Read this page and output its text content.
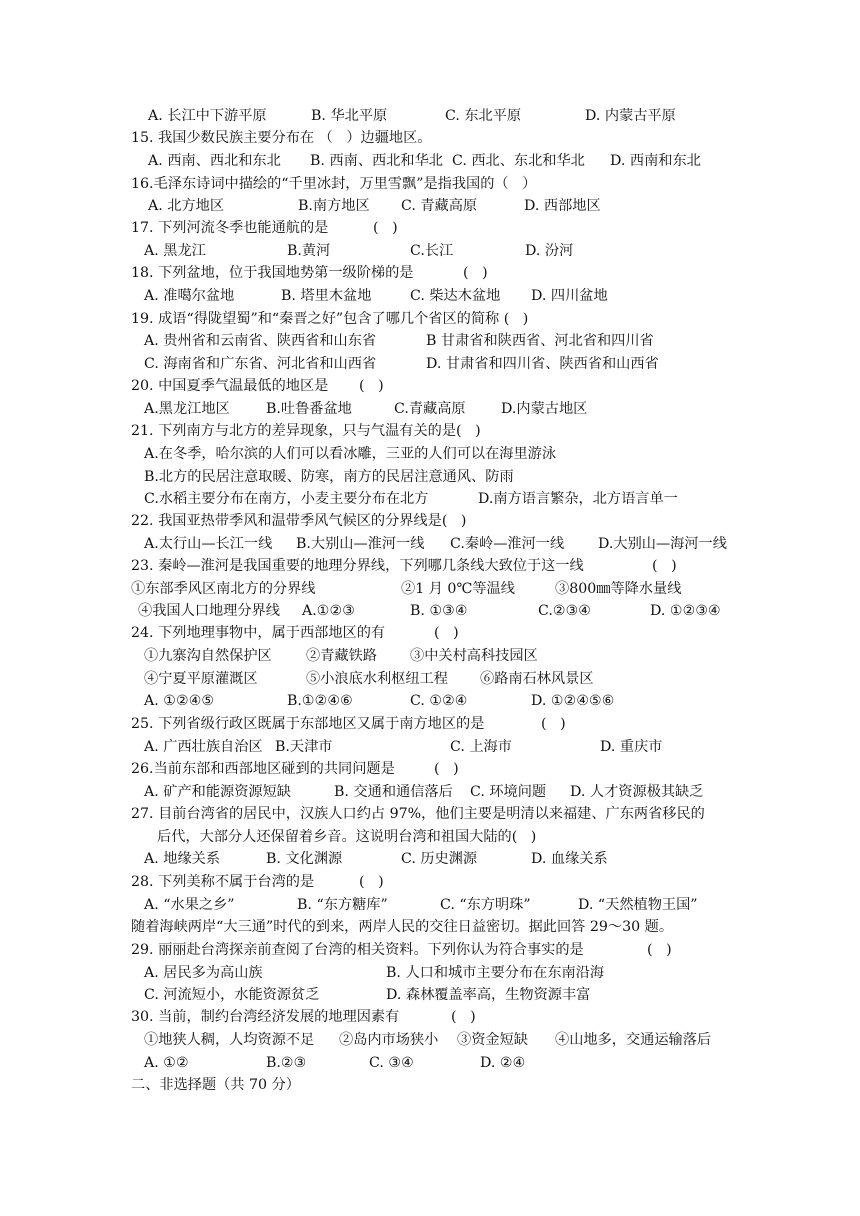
A. 长江中下游平原	B. 华北平原	C. 东北平原	D. 内蒙古平原
15. 我国少数民族主要分布在 （   ）边疆地区。
A. 西南、西北和东北 B. 西南、西北和华北 C. 西北、东北和华北 D. 西南和东北
16.毛泽东诗词中描绘的“千里冰封，万里雪飘”是指我国的（   ）
A. 北方地区	B.南方地区 C. 青藏高原	D. 西部地区
17. 下列河流冬季也能通航的是	(   )
A. 黑龙江	B.黄河	C.长江	D. 汾河
18. 下列盆地，位于我国地势第一级阶梯的是	(   )
A. 准噶尔盆地	B. 塔里木盆地	C. 柴达木盆地 D. 四川盆地
19. 成语“得陇望蜀”和“秦晋之好”包含了哪几个省区的简称 (   )
A. 贵州省和云南省、陕西省和山东省	B 甘肃省和陕西省、河北省和四川省
C. 海南省和广东省、河北省和山西省	D. 甘肃省和四川省、陕西省和山西省
20. 中国夏季气温最低的地区是 (   )
A.黑龙江地区	B.吐鲁番盆地	C.青藏高原 D.内蒙古地区
21. 下列南方与北方的差异现象，只与气温有关的是(   )
A.在冬季，哈尔滨的人们可以看冰雕，三亚的人们可以在海里游泳
B.北方的民居注意取暖、防寒，南方的民居注意通风、防雨
C.水稻主要分布在南方，小麦主要分布在北方	D.南方语言繁杂，北方语言单一
22. 我国亚热带季风和温带季风气候区的分界线是(   )
A.太行山—长江一线 B.大别山—淮河一线 C.秦岭—淮河一线 D.大别山—海河一线
23. 秦岭—淮河是我国重要的地理分界线，下列哪几条线大致位于这一线	(   )
①东部季风区南北方的分界线	②1 月 0℃等温线	③800㎜等降水量线
④我国人口地理分界线 A.①②③	B. ①③④	C.②③④	D. ①②③④
24. 下列地理事物中，属于西部地区的有	(   )
①九寨沟自然保护区 ②青藏铁路 ③中关村高科技园区
④宁夏平原灌溉区	⑤小浪底水利枢纽工程 ⑥路南石林风景区
A. ①②④⑤	B.①②④⑥	C. ①②④	D. ①②④⑤⑥
25. 下列省级行政区既属于东部地区又属于南方地区的是	(   )
A. 广西壮族自治区 B.天津市	C. 上海市	D. 重庆市
26.当前东部和西部地区碰到的共同问题是	(   )
A. 矿产和能源资源短缺	B. 交通和通信落后 C. 环境问题 D. 人才资源极其缺乏
27. 目前台湾省的居民中，汉族人口约占 97%，他们主要是明清以来福建、广东两省移民的
后代，大部分人还保留着乡音。这说明台湾和祖国大陆的(   )
A. 地缘关系	B. 文化渊源	C. 历史渊源	D. 血缘关系
28. 下列美称不属于台湾的是	(   )
A. “水果之乡”	B. “东方糖库”	C. “东方明珠”	D. “天然植物王国”
随着海峡两岸“大三通”时代的到来，两岸人民的交往日益密切。据此回答 29～30 题。
29. 丽丽赴台湾探亲前查阅了台湾的相关资料。下列你认为符合事实的是	(   )
A. 居民多为高山族	B. 人口和城市主要分布在东南沿海
C. 河流短小，水能资源贫乏	D. 森林覆盖率高，生物资源丰富
30. 当前，制约台湾经济发展的地理因素有	(   )
①地狭人稠，人均资源不足 ②岛内市场狭小 ③资金短缺 ④山地多，交通运输落后
A. ①②	B.②③	C. ③④	D. ②④
二、非选择题（共 70 分）
